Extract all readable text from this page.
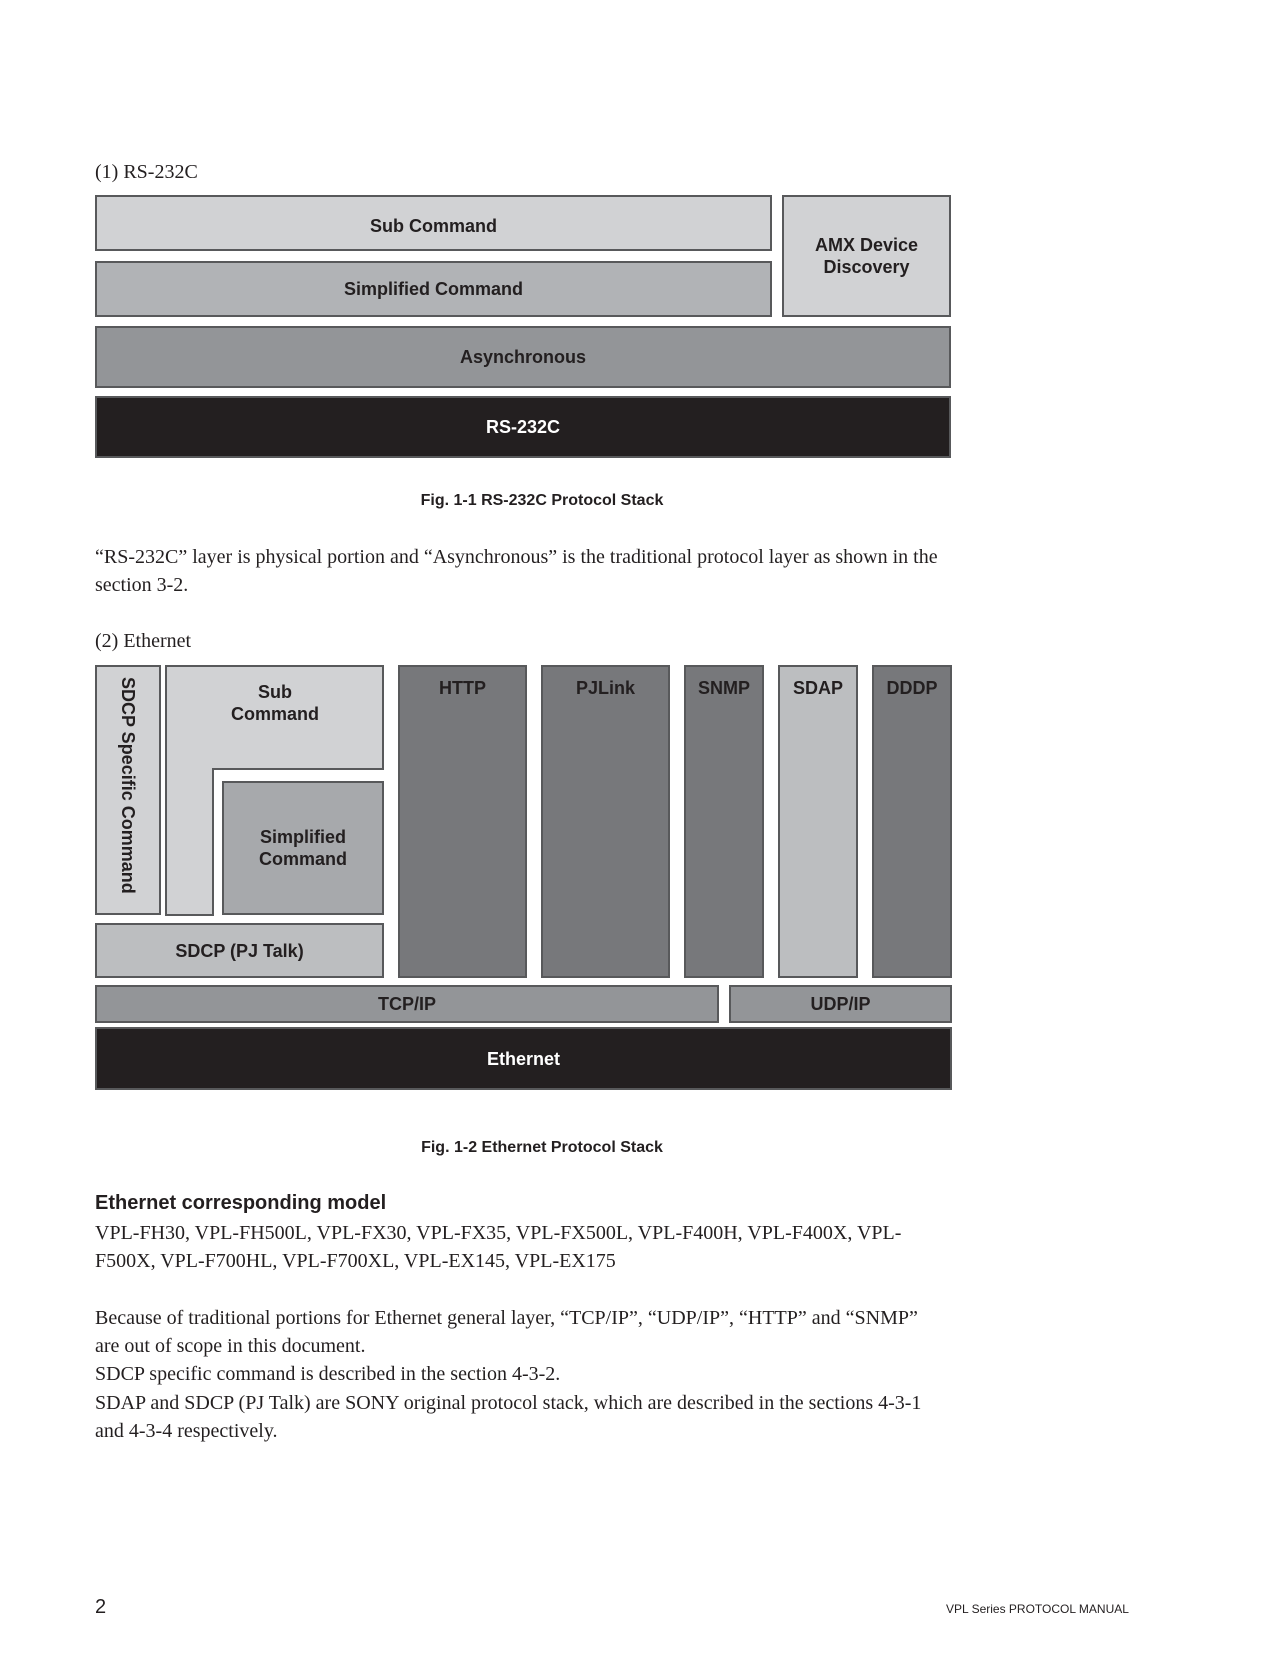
(1) RS-232C
Sub Command
Simplified Command
AMX Device
Discovery
Asynchronous
RS-232C
Fig. 1-1 RS-232C Protocol Stack
“RS-232C” layer is physical portion and “Asynchronous” is the traditional protocol layer as shown in the
section 3-2.
(2) Ethernet
SDCP Specific Command	Sub
Command
Simplified
Command
SDCP (PJ Talk)
HTTP	PJLink	SNMP	SDAP	DDDP
TCP/IP	UDP/IP
Ethernet
Fig. 1-2 Ethernet Protocol Stack
Ethernet corresponding model
VPL-FH30, VPL-FH500L, VPL-FX30, VPL-FX35, VPL-FX500L, VPL-F400H, VPL-F400X, VPL-
F500X, VPL-F700HL, VPL-F700XL, VPL-EX145, VPL-EX175
Because of traditional portions for Ethernet general layer, “TCP/IP”, “UDP/IP”, “HTTP” and “SNMP”
are out of scope in this document.
SDCP specific command is described in the section 4-3-2.
SDAP and SDCP (PJ Talk) are SONY original protocol stack, which are described in the sections 4-3-1
and 4-3-4 respectively.
2	VPL Series PROTOCOL MANUAL
